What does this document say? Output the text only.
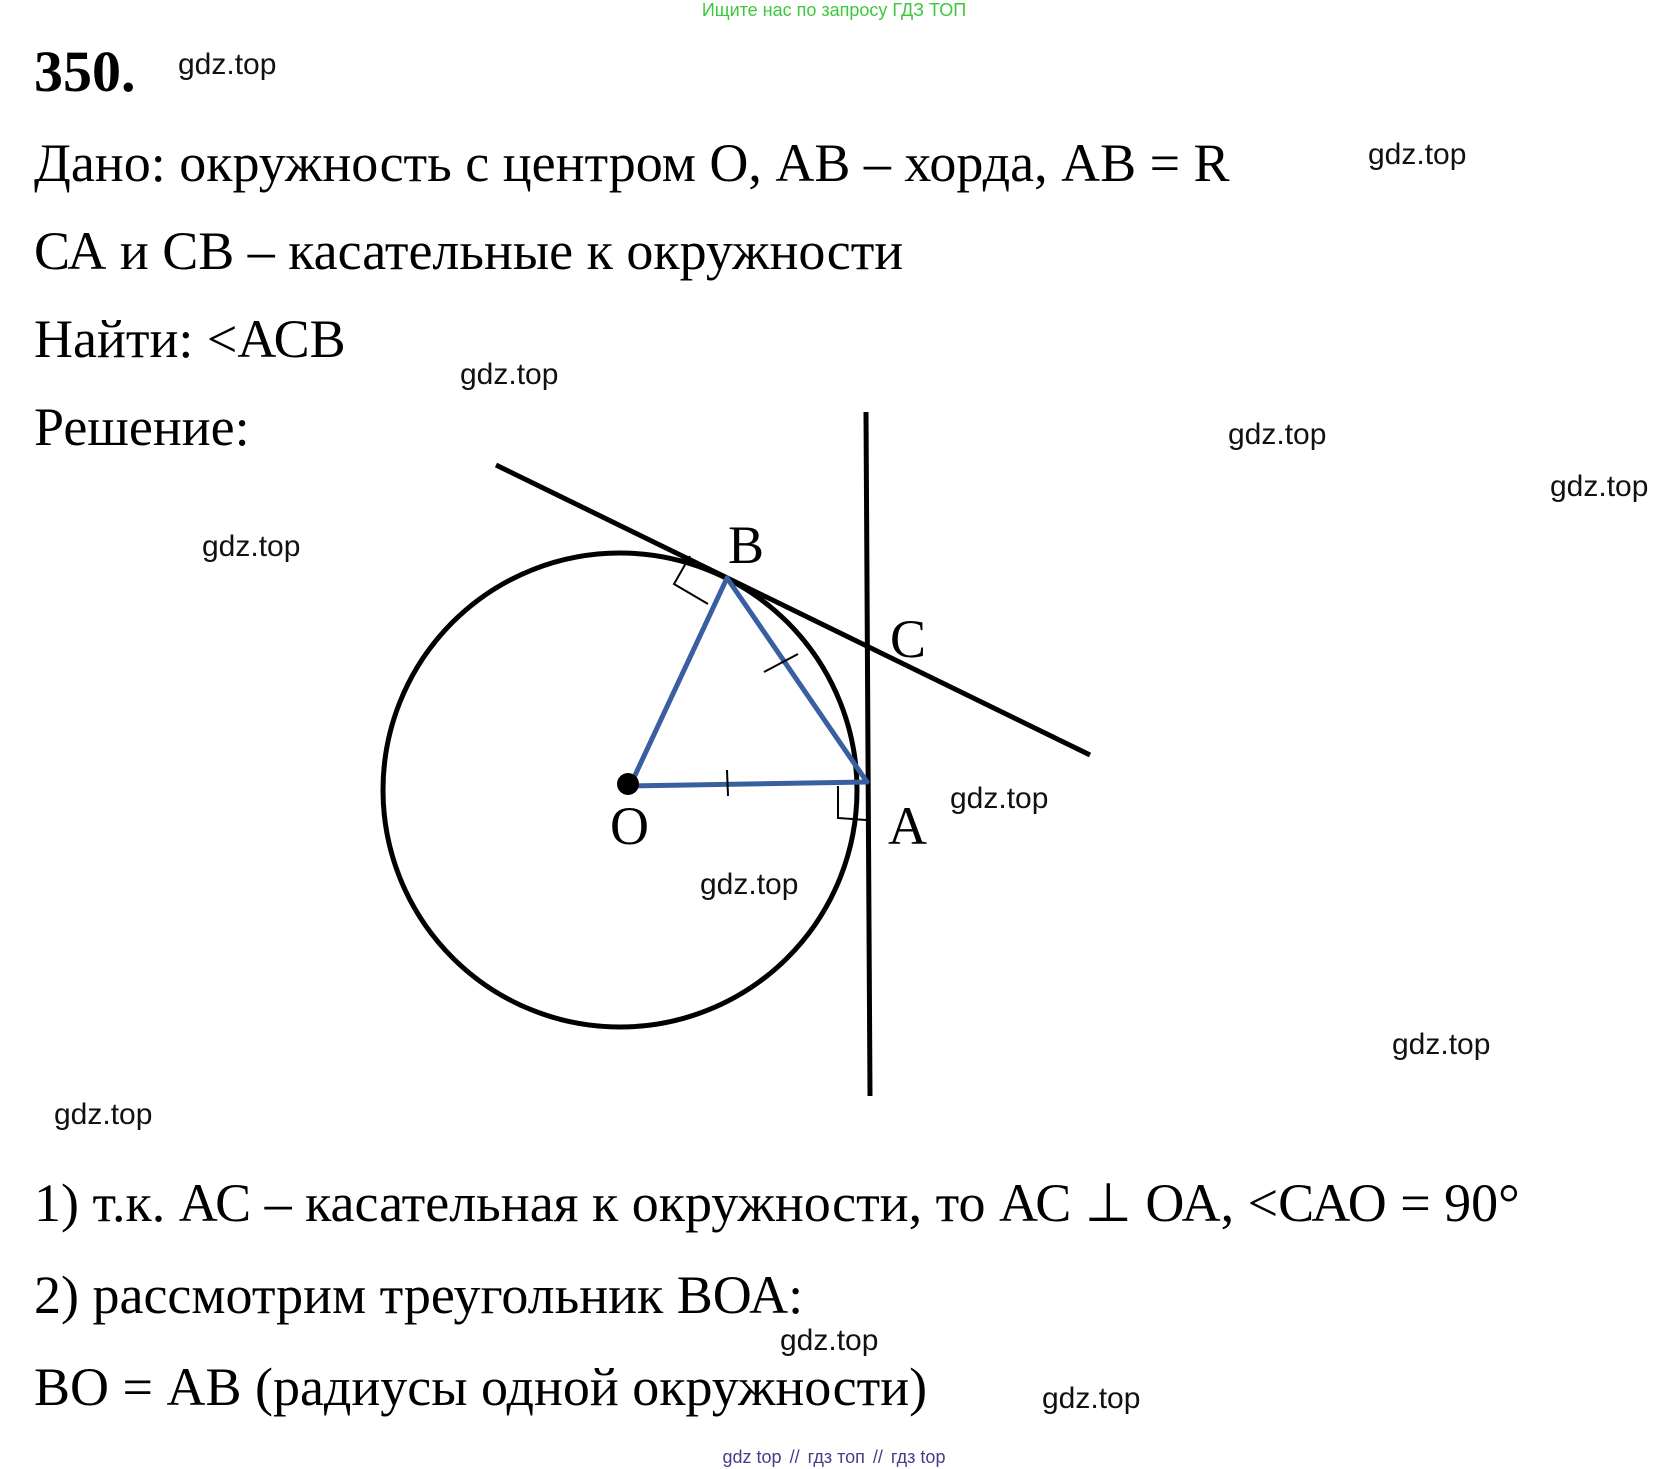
Ищите нас по запросу ГДЗ ТОП
350.
Дано: окружность с центром О, АВ – хорда, АВ = R
СА и СВ – касательные к окружности
Найти: <АСВ
Решение:
B
C
O	A
1) т.к. АС – касательная к окружности, то АС ⊥ ОА, <САО = 90°
2) рассмотрим треугольник ВОА:
ВО = АВ (радиусы одной окружности)
gdz.top
gdz.top
gdz.top
gdz.top
gdz.top
gdz.top
gdz.top
gdz.top
gdz.top
gdz.top
gdz.top
gdz.top
gdz top // гдз топ // гдз top
